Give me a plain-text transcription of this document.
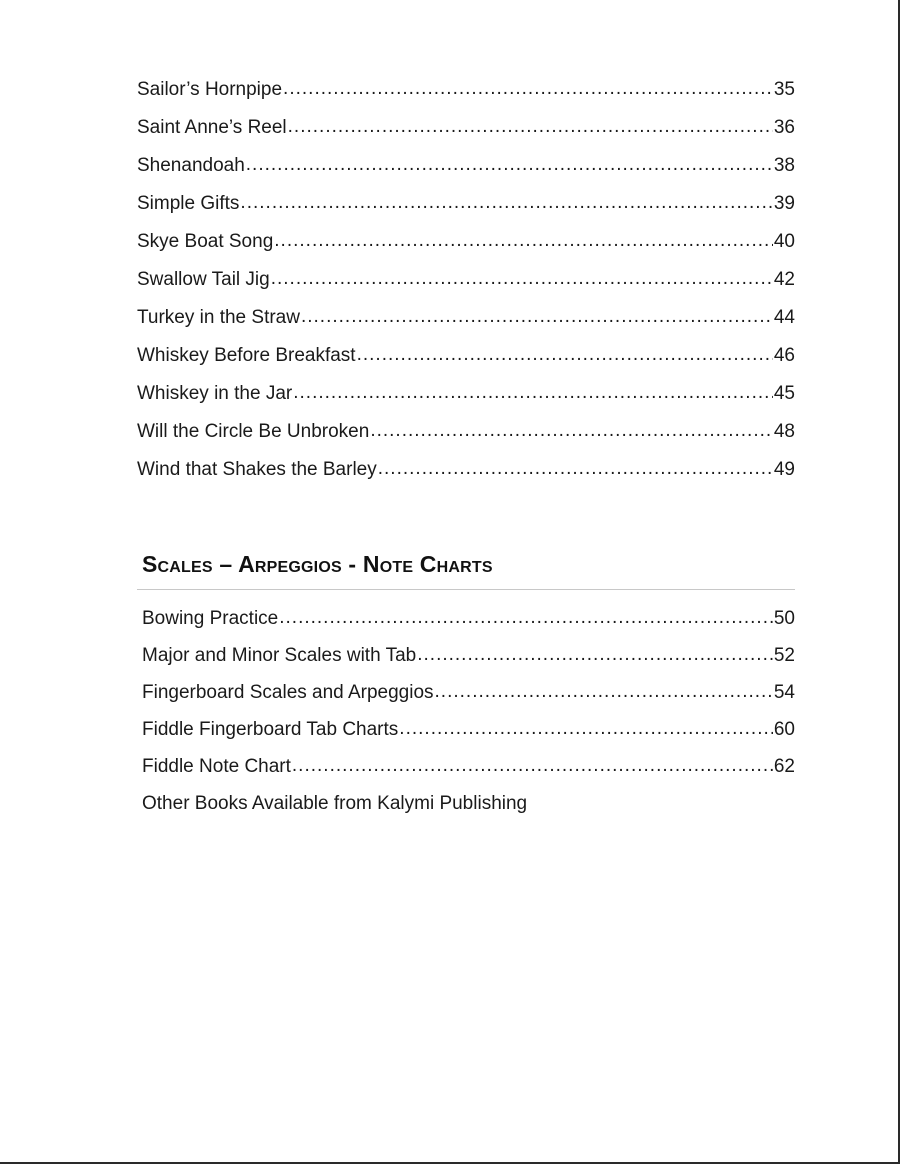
Sailor’s Hornpipe .....	35
Saint Anne’s Reel .....	36
Shenandoah .....	38
Simple Gifts .....	39
Skye Boat Song .....	40
Swallow Tail Jig .....	42
Turkey in the Straw .....	44
Whiskey Before Breakfast .....	46
Whiskey in the Jar .....	45
Will the Circle Be Unbroken .....	48
Wind that Shakes the Barley .....	49
Scales – Arpeggios - Note Charts
Bowing Practice .....	50
Major and Minor Scales with Tab .....	52
Fingerboard Scales and Arpeggios .....	54
Fiddle Fingerboard Tab Charts .....	60
Fiddle Note Chart .....	62
Other Books Available from Kalymi Publishing
